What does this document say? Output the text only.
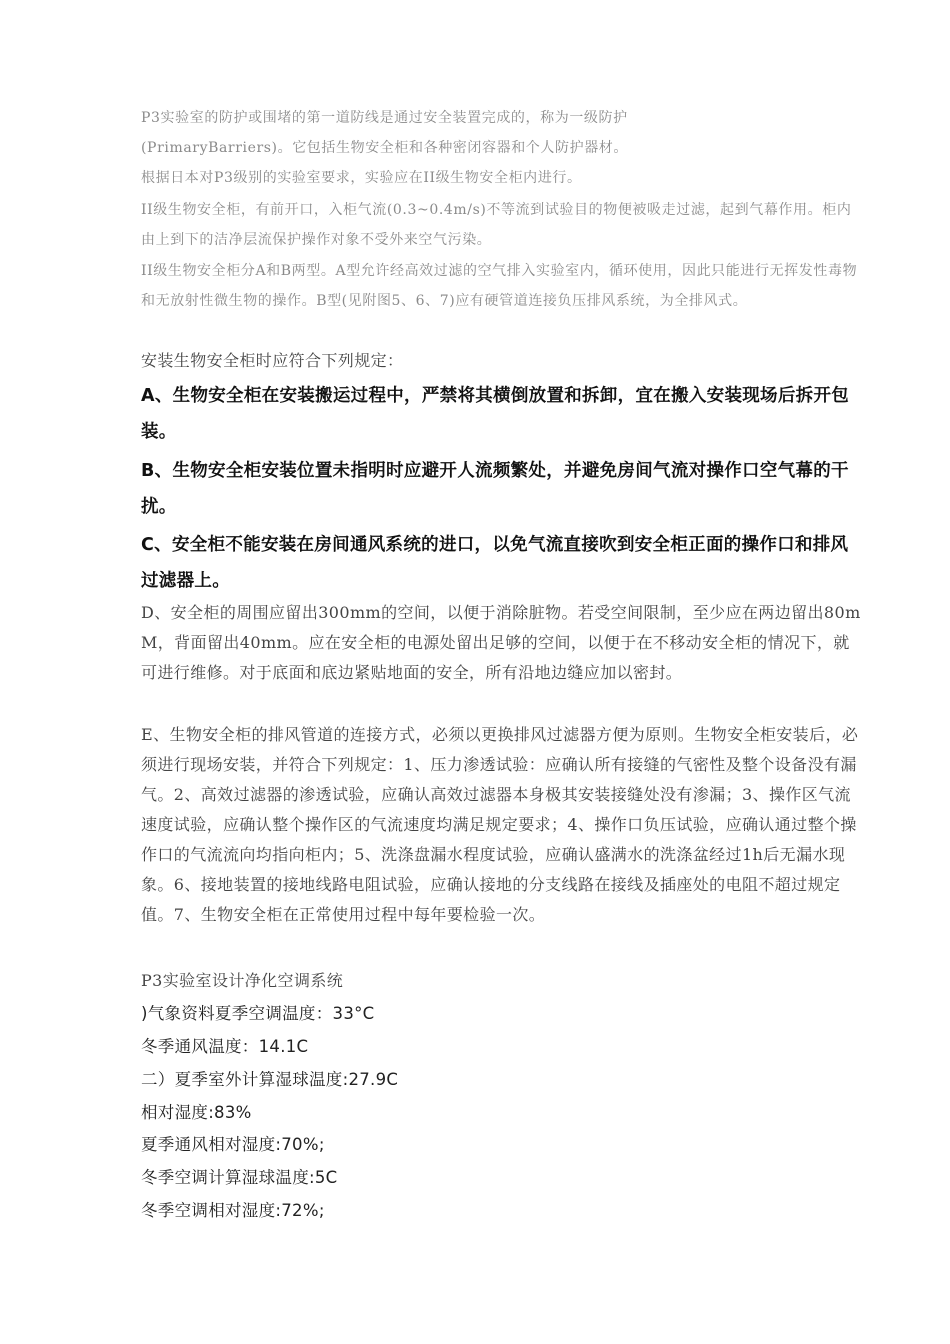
P3实验室的防护或围堵的第一道防线是通过安全装置完成的，称为一级防护

(PrimaryBarriers)。它包括生物安全柜和各种密闭容器和个人防护器材。

根据日本对P3级别的实验室要求，实验应在II级生物安全柜内进行。

II级生物安全柜，有前开口，入柜气流(0.3~0.4m/s)不等流到试验目的物便被吸走过滤，起到气幕作用。柜内由上到下的洁净层流保护操作对象不受外来空气污染。

II级生物安全柜分A和B两型。A型允许经高效过滤的空气排入实验室内，循环使用，因此只能进行无挥发性毒物和无放射性微生物的操作。B型(见附图5、6、7)应有硬管道连接负压排风系统，为全排风式。

安装生物安全柜时应符合下列规定：

A、生物安全柜在安装搬运过程中，严禁将其横倒放置和拆卸，宜在搬入安装现场后拆开包装。

B、生物安全柜安装位置未指明时应避开人流频繁处，并避免房间气流对操作口空气幕的干扰。

C、安全柜不能安装在房间通风系统的进口，以免气流直接吹到安全柜正面的操作口和排风过滤器上。

D、安全柜的周围应留出300mm的空间，以便于消除脏物。若受空间限制，至少应在两边留出80mM，背面留出40mm。应在安全柜的电源处留出足够的空间，以便于在不移动安全柜的情况下，就可进行维修。对于底面和底边紧贴地面的安全，所有沿地边缝应加以密封。

E、生物安全柜的排风管道的连接方式，必须以更换排风过滤器方便为原则。生物安全柜安装后，必须进行现场安装，并符合下列规定：1、压力渗透试验：应确认所有接缝的气密性及整个设备没有漏气。2、高效过滤器的渗透试验，应确认高效过滤器本身极其安装接缝处没有渗漏；3、操作区气流速度试验，应确认整个操作区的气流速度均满足规定要求；4、操作口负压试验，应确认通过整个操作口的气流流向均指向柜内；5、洗涤盘漏水程度试验，应确认盛满水的洗涤盆经过1h后无漏水现象。6、接地装置的接地线路电阻试验，应确认接地的分支线路在接线及插座处的电阻不超过规定值。7、生物安全柜在正常使用过程中每年要检验一次。

P3实验室设计净化空调系统

)气象资料夏季空调温度：33°C

冬季通风温度：14.1C

二）夏季室外计算湿球温度:27.9C

相对湿度:83%

夏季通风相对湿度:70%;

冬季空调计算湿球温度:5C

冬季空调相对湿度:72%;
